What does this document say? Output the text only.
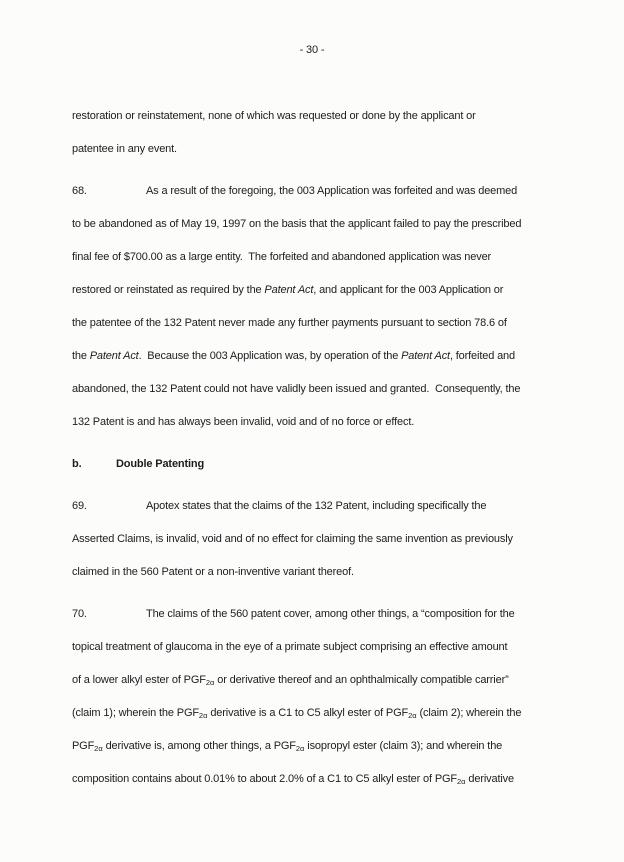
- 30 -
restoration or reinstatement, none of which was requested or done by the applicant or
patentee in any event.
68.	As a result of the foregoing, the 003 Application was forfeited and was deemed
to be abandoned as of May 19, 1997 on the basis that the applicant failed to pay the prescribed
final fee of $700.00 as a large entity.  The forfeited and abandoned application was never
restored or reinstated as required by the Patent Act, and applicant for the 003 Application or
the patentee of the 132 Patent never made any further payments pursuant to section 78.6 of
the Patent Act.  Because the 003 Application was, by operation of the Patent Act, forfeited and
abandoned, the 132 Patent could not have validly been issued and granted.  Consequently, the
132 Patent is and has always been invalid, void and of no force or effect.
b.	Double Patenting
69.	Apotex states that the claims of the 132 Patent, including specifically the
Asserted Claims, is invalid, void and of no effect for claiming the same invention as previously
claimed in the 560 Patent or a non-inventive variant thereof.
70.	The claims of the 560 patent cover, among other things, a “composition for the
topical treatment of glaucoma in the eye of a primate subject comprising an effective amount
of a lower alkyl ester of $PGF_{2\alpha}$ or derivative thereof and an ophthalmically compatible carrier”
(claim 1); wherein the $PGF_{2\alpha}$ derivative is a C1 to C5 alkyl ester of $PGF_{2\alpha}$ (claim 2); wherein the
$PGF_{2\alpha}$ derivative is, among other things, a $PGF_{2\alpha}$ isopropyl ester (claim 3); and wherein the
composition contains about 0.01% to about 2.0% of a C1 to C5 alkyl ester of $PGF_{2\alpha}$ derivative
